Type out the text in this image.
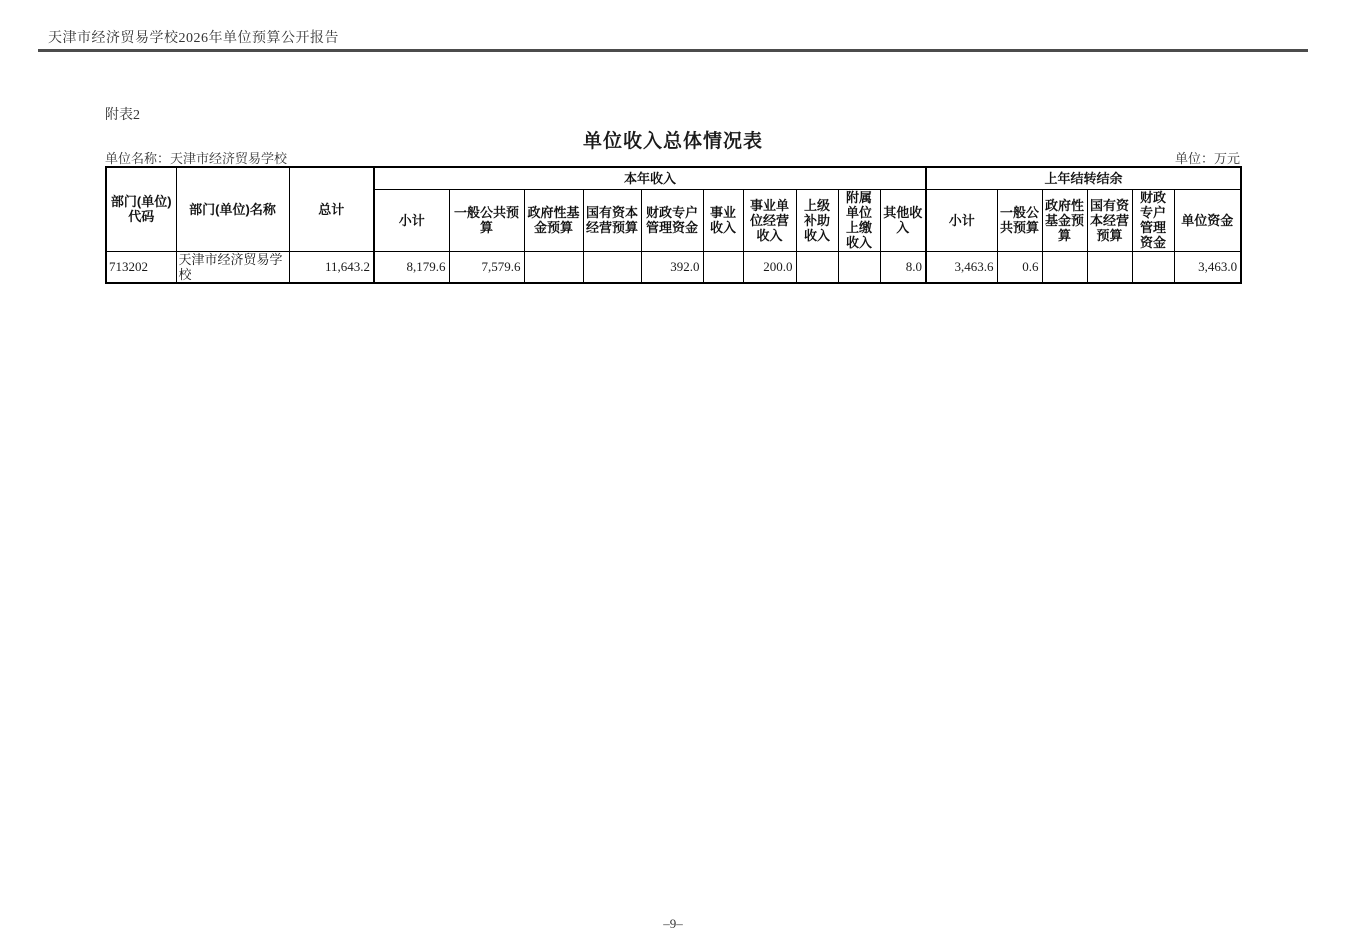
天津市经济贸易学校2026年单位预算公开报告
附表2
单位收入总体情况表
单位名称：天津市经济贸易学校	单位：万元
部门(单位)代码	部门(单位)名称	总计	本年收入										上年结转结余					
			小计	一般公共预算	政府性基金预算	国有资本经营预算	财政专户管理资金	事业收入	事业单位经营收入	上级补助收入	附属单位上缴收入	其他收入	小计	一般公共预算	政府性基金预算	国有资本经营预算	财政专户管理资金	单位资金
713202	天津市经济贸易学校	11,643.2	8,179.6	7,579.6			392.0		200.0			8.0	3,463.6	0.6				3,463.0
–9–
